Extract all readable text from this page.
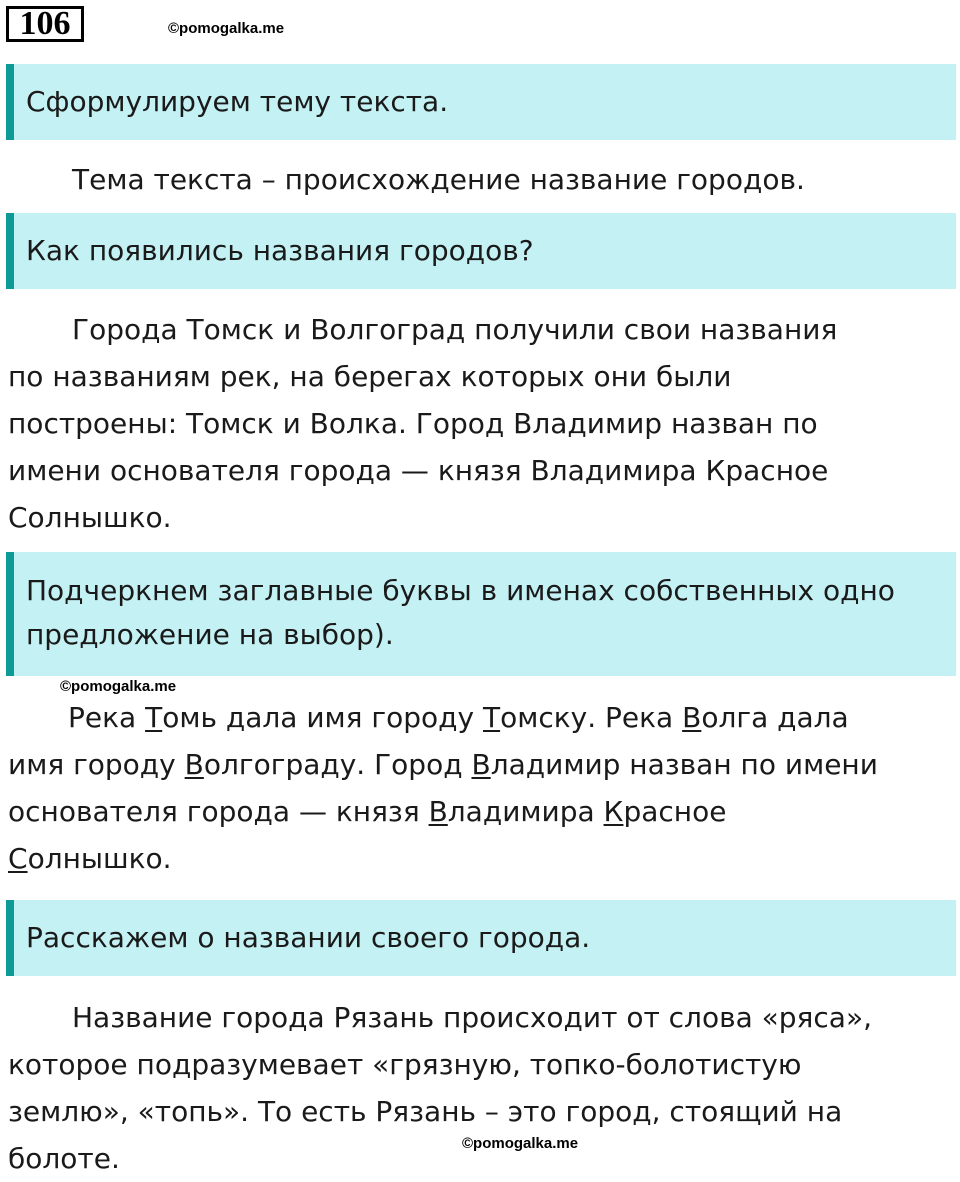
106	©pomogalka.me
Сформулируем тему текста.
Тема текста – происхождение название городов.
Как появились названия городов?
Города Томск и Волгоград получили свои названия
по названиям рек, на берегах которых они были
построены: Томск и Волка. Город Владимир назван по
имени основателя города — князя Владимира Красное
Солнышко.
Подчеркнем заглавные буквы в именах собственных одно
предложение на выбор).
©pomogalka.me
Река Томь дала имя городу Томску. Река Волга дала
имя городу Волгограду. Город Владимир назван по имени
основателя города — князя Владимира Красное
Солнышко.
Расскажем о названии своего города.
Название города Рязань происходит от слова «ряса»,
которое подразумевает «грязную, топко-болотистую
землю», «топь». То есть Рязань – это город, стоящий на
болоте.	©pomogalka.me
